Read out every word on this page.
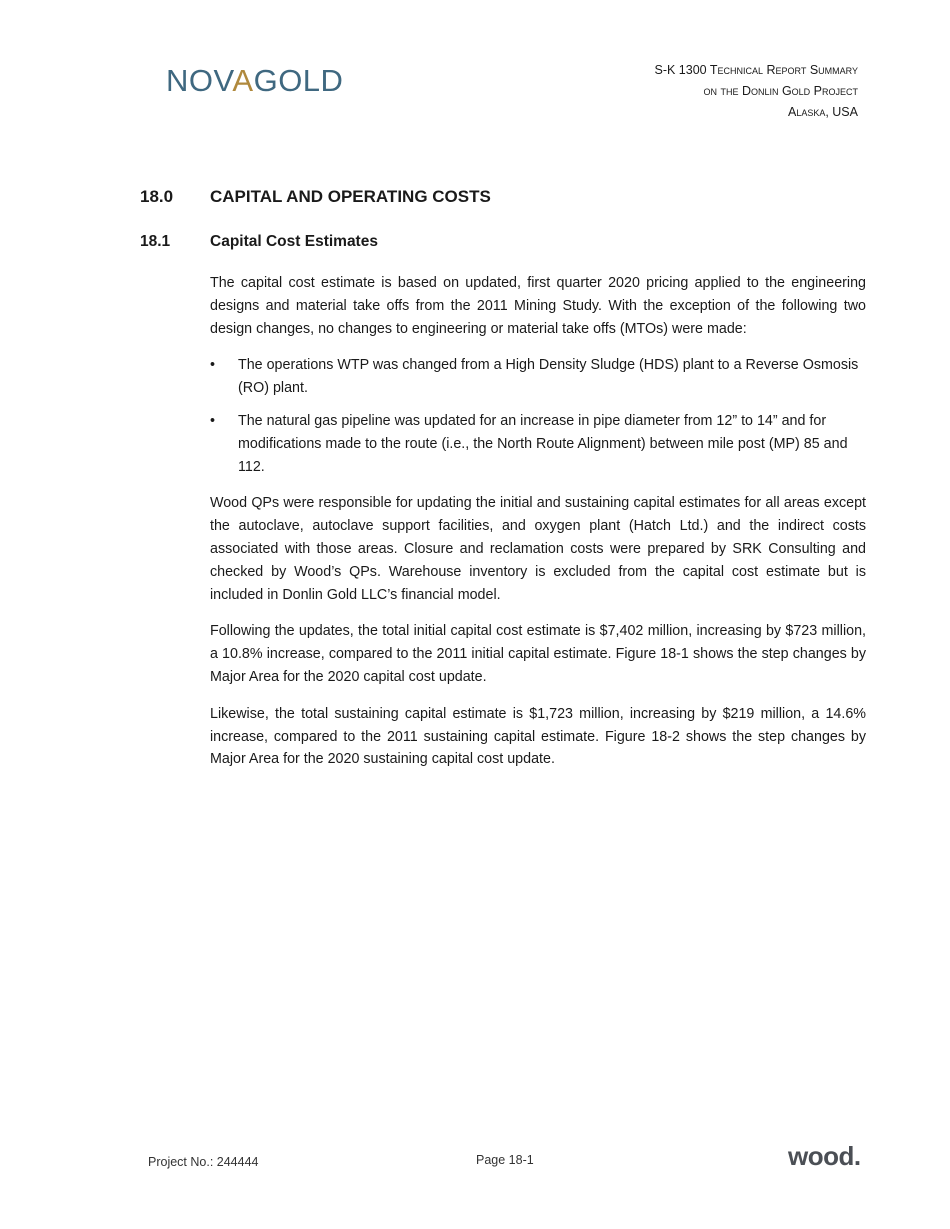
NOVAGOLD	S-K 1300 Technical Report Summary
on the Donlin Gold Project
Alaska, USA
18.0 CAPITAL AND OPERATING COSTS
18.1	Capital Cost Estimates

The capital cost estimate is based on updated, first quarter 2020 pricing applied to the engineering designs and material take offs from the 2011 Mining Study. With the exception of the following two design changes, no changes to engineering or material take offs (MTOs) were made:

• The operations WTP was changed from a High Density Sludge (HDS) plant to a Reverse Osmosis (RO) plant.
• The natural gas pipeline was updated for an increase in pipe diameter from 12” to 14” and for modifications made to the route (i.e., the North Route Alignment) between mile post (MP) 85 and 112.

Wood QPs were responsible for updating the initial and sustaining capital estimates for all areas except the autoclave, autoclave support facilities, and oxygen plant (Hatch Ltd.) and the indirect costs associated with those areas. Closure and reclamation costs were prepared by SRK Consulting and checked by Wood’s QPs. Warehouse inventory is excluded from the capital cost estimate but is included in Donlin Gold LLC’s financial model.

Following the updates, the total initial capital cost estimate is $7,402 million, increasing by $723 million, a 10.8% increase, compared to the 2011 initial capital estimate. Figure 18-1 shows the step changes by Major Area for the 2020 capital cost update.

Likewise, the total sustaining capital estimate is $1,723 million, increasing by $219 million, a 14.6% increase, compared to the 2011 sustaining capital estimate. Figure 18-2 shows the step changes by Major Area for the 2020 sustaining capital cost update.

Project No.: 244444	Page 18-1	wood.
